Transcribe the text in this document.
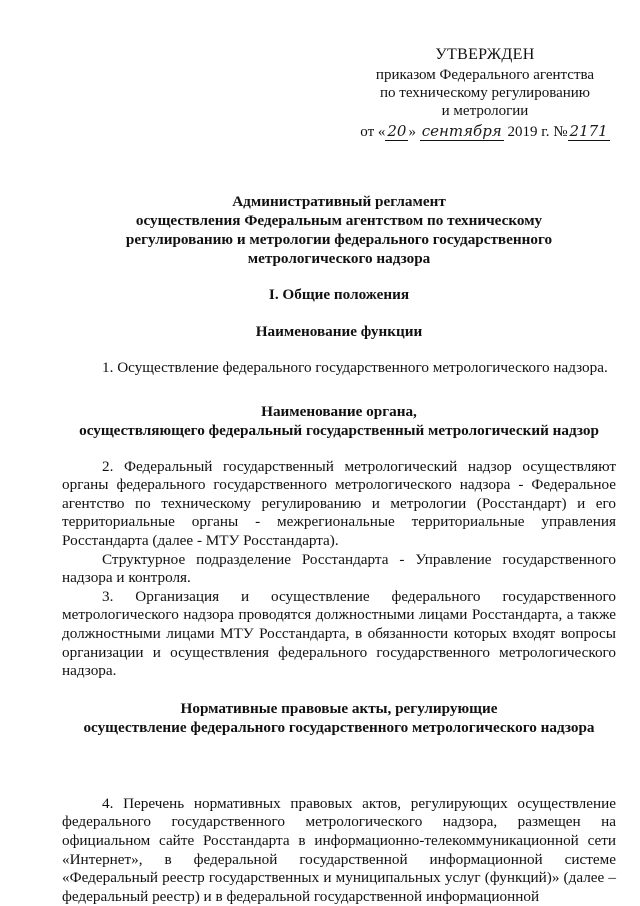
УТВЕРЖДЕН
приказом Федерального агентства
по техническому регулированию
и метрологии
от « 20 » сентября 2019 г. № 2171
Административный регламент
осуществления Федеральным агентством по техническому
регулированию и метрологии федерального государственного
метрологического надзора
I. Общие положения
Наименование функции

1. Осуществление федерального государственного метрологического надзора.

Наименование органа,
осуществляющего федеральный государственный метрологический надзор

2. Федеральный государственный метрологический надзор осуществляют органы федерального государственного метрологического надзора - Федеральное агентство по техническому регулированию и метрологии (Росстандарт) и его территориальные органы - межрегиональные территориальные управления Росстандарта (далее - МТУ Росстандарта).

Структурное подразделение Росстандарта - Управление государственного надзора и контроля.

3. Организация и осуществление федерального государственного метрологического надзора проводятся должностными лицами Росстандарта, а также должностными лицами МТУ Росстандарта, в обязанности которых входят вопросы организации и осуществления федерального государственного метрологического надзора.

Нормативные правовые акты, регулирующие
осуществление федерального государственного метрологического надзора

4. Перечень нормативных правовых актов, регулирующих осуществление федерального государственного метрологического надзора, размещен на официальном сайте Росстандарта в информационно-телекоммуникационной сети «Интернет», в федеральной государственной информационной системе «Федеральный реестр государственных и муниципальных услуг (функций)» (далее – федеральный реестр) и в федеральной государственной информационной
